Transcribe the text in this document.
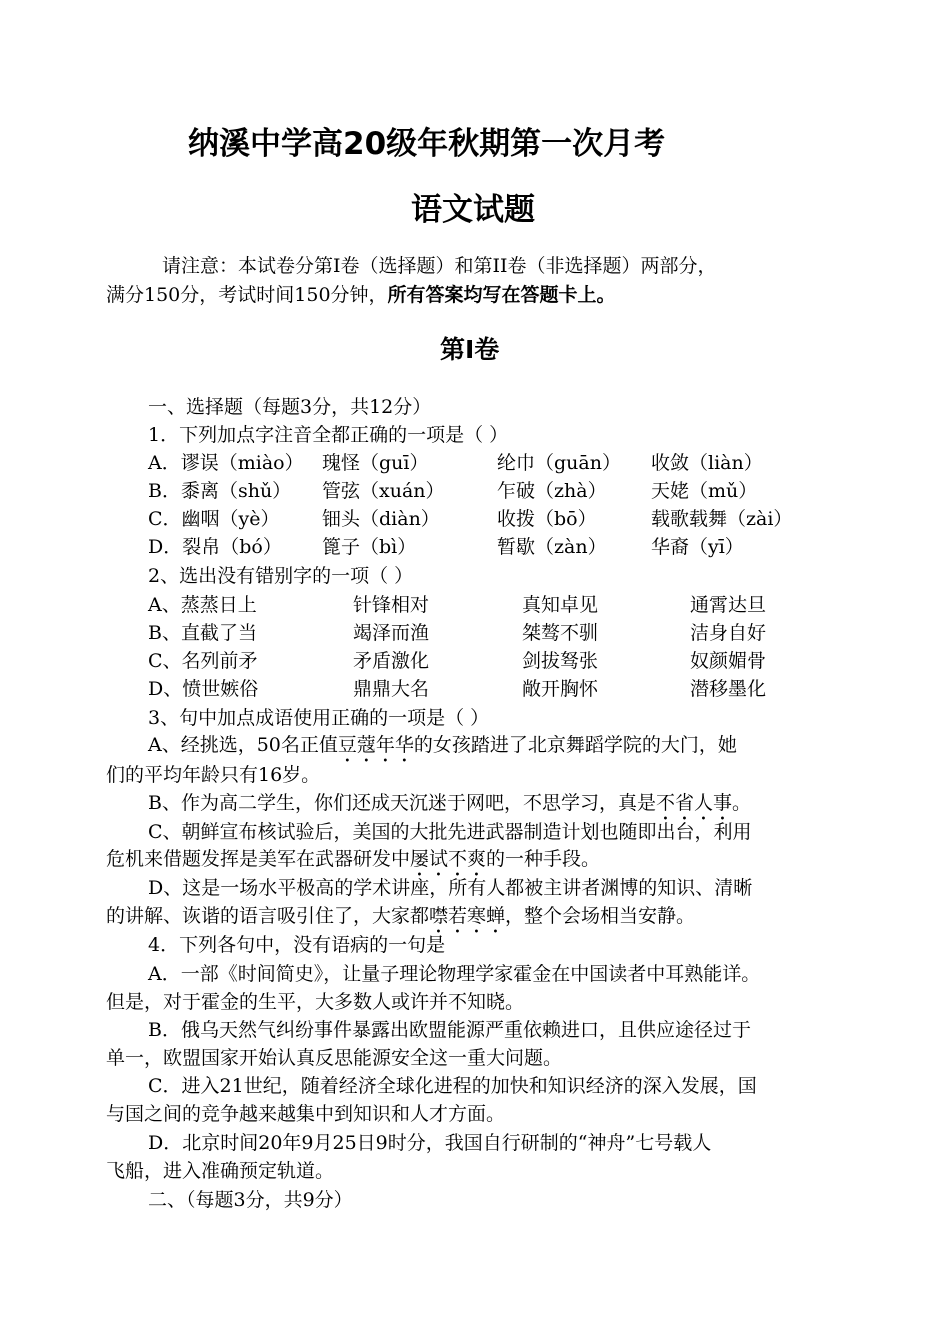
纳溪中学高20级年秋期第一次月考
语文试题
请注意：本试卷分第Ⅰ卷（选择题）和第II卷（非选择题）两部分，
满分150分，考试时间150分钟，所有答案均写在答题卡上。
第Ⅰ卷
一、选择题（每题3分，共12分）
1．下列加点字注音全都正确的一项是（ ）
A．谬误（miào） 瑰怪（guī）	纶巾（guān） 收敛（liàn）
B．黍离（shǔ） 管弦（xuán）	乍破（zhà） 天姥（mǔ）
C．幽咽（yè） 钿头（diàn）	收拨（bō）	载歌载舞（zài）
D．裂帛（bó） 篦子（bì）	暂歇（zàn） 华裔（yī）
2、选出没有错别字的一项（ ）
A、蒸蒸日上	针锋相对	真知卓见	通霄达旦
B、直截了当	竭泽而渔	桀骜不驯	洁身自好
C、名列前矛	矛盾激化	剑拔驽张	奴颜媚骨
D、愤世嫉俗	鼎鼎大名	敞开胸怀	潜移墨化
3、句中加点成语使用正确的一项是（ ）
A、经挑选，50名正值豆蔻年华的女孩踏进了北京舞蹈学院的大门，她
们的平均年龄只有16岁。
B、作为高二学生，你们还成天沉迷于网吧，不思学习，真是不省人事。
C、朝鲜宣布核试验后，美国的大批先进武器制造计划也随即出台，利用
危机来借题发挥是美军在武器研发中屡试不爽的一种手段。
D、这是一场水平极高的学术讲座，所有人都被主讲者渊博的知识、清晰
的讲解、诙谐的语言吸引住了，大家都噤若寒蝉，整个会场相当安静。
4．下列各句中，没有语病的一句是
A．一部《时间简史》，让量子理论物理学家霍金在中国读者中耳熟能详。
但是，对于霍金的生平，大多数人或许并不知晓。
B．俄乌天然气纠纷事件暴露出欧盟能源严重依赖进口，且供应途径过于
单一，欧盟国家开始认真反思能源安全这一重大问题。
C．进入21世纪，随着经济全球化进程的加快和知识经济的深入发展，国
与国之间的竞争越来越集中到知识和人才方面。
D．北京时间20年9月25日9时分，我国自行研制的“神舟”七号载人
飞船，进入准确预定轨道。
二、（每题3分，共9分）
